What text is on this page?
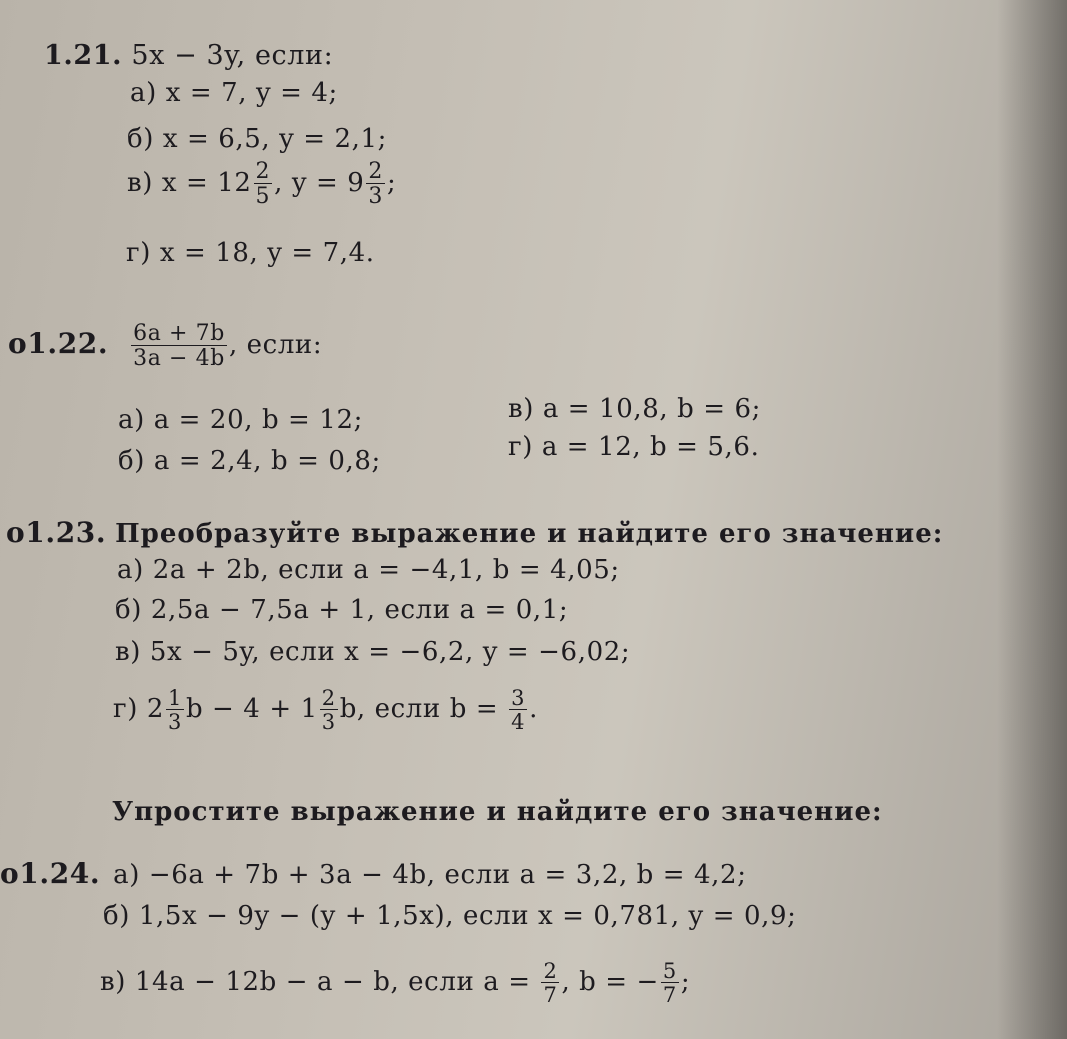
1.21. 5x − 3y, если:
а) x = 7, y = 4;
б) x = 6,5, y = 2,1;
в) $x = 12 \frac{2}{5}$ , $y = 9 \frac{2}{3}$ ;
г) x = 18, y = 7,4.
o1.22. $\frac{6a + 7b}{3a - 4b}$ , если:
а) a = 20, b = 12;
б) a = 2,4, b = 0,8;
в) a = 10,8, b = 6;
г) a = 12, b = 5,6.
o1.23. Преобразуйте выражение и найдите его значение:
а) 2a + 2b, если a = −4,1, b = 4,05;
б) 2,5a − 7,5a + 1, если a = 0,1;
в) 5x − 5y, если x = −6,2, y = −6,02;
г) $2 \frac{1}{3}$ $b - 4 + 1 \frac{2}{3} b$, если $b = \frac{3}{4}$ .
Упростите выражение и найдите его значение:
o1.24. а) −6a + 7b + 3a − 4b, если a = 3,2, b = 4,2;
б) 1,5x − 9y − (y + 1,5x), если x = 0,781, y = 0,9;
в) 14a − 12b − a − b, если $a = \frac{2}{7}$ , b = − $\frac{5}{7}$ ;
